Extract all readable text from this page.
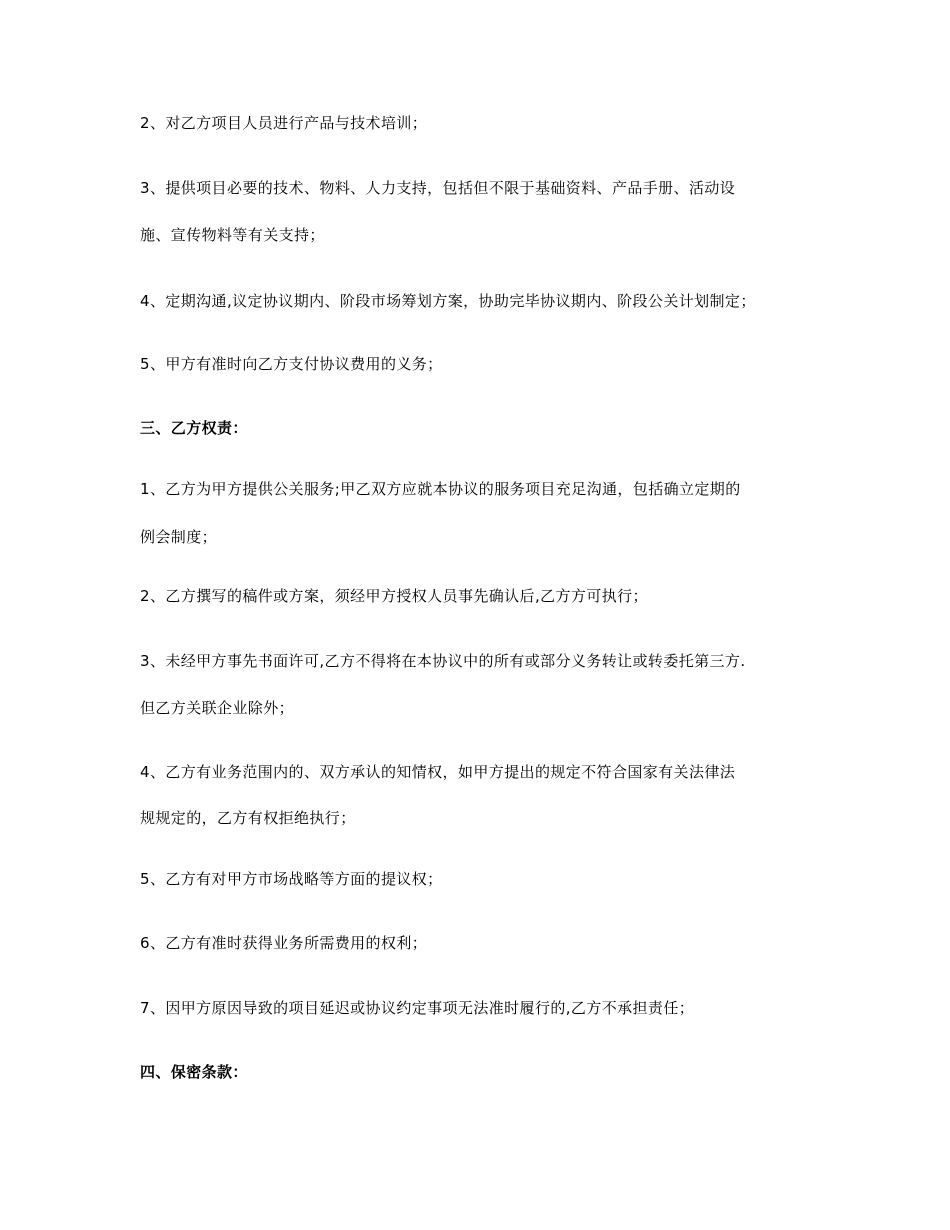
2、对乙方项目人员进行产品与技术培训；
3、提供项目必要的技术、物料、人力支持，包括但不限于基础资料、产品手册、活动设
施、宣传物料等有关支持；
4、定期沟通,议定协议期内、阶段市场筹划方案，协助完毕协议期内、阶段公关计划制定；
5、甲方有准时向乙方支付协议费用的义务；
三、乙方权责：
1、乙方为甲方提供公关服务;甲乙双方应就本协议的服务项目充足沟通，包括确立定期的
例会制度；
2、乙方撰写的稿件或方案，须经甲方授权人员事先确认后,乙方方可执行；
3、未经甲方事先书面许可,乙方不得将在本协议中的所有或部分义务转让或转委托第三方.
但乙方关联企业除外；
4、乙方有业务范围内的、双方承认的知情权，如甲方提出的规定不符合国家有关法律法
规规定的，乙方有权拒绝执行；
5、乙方有对甲方市场战略等方面的提议权；
6、乙方有准时获得业务所需费用的权利；
7、因甲方原因导致的项目延迟或协议约定事项无法准时履行的,乙方不承担责任；
四、保密条款：
